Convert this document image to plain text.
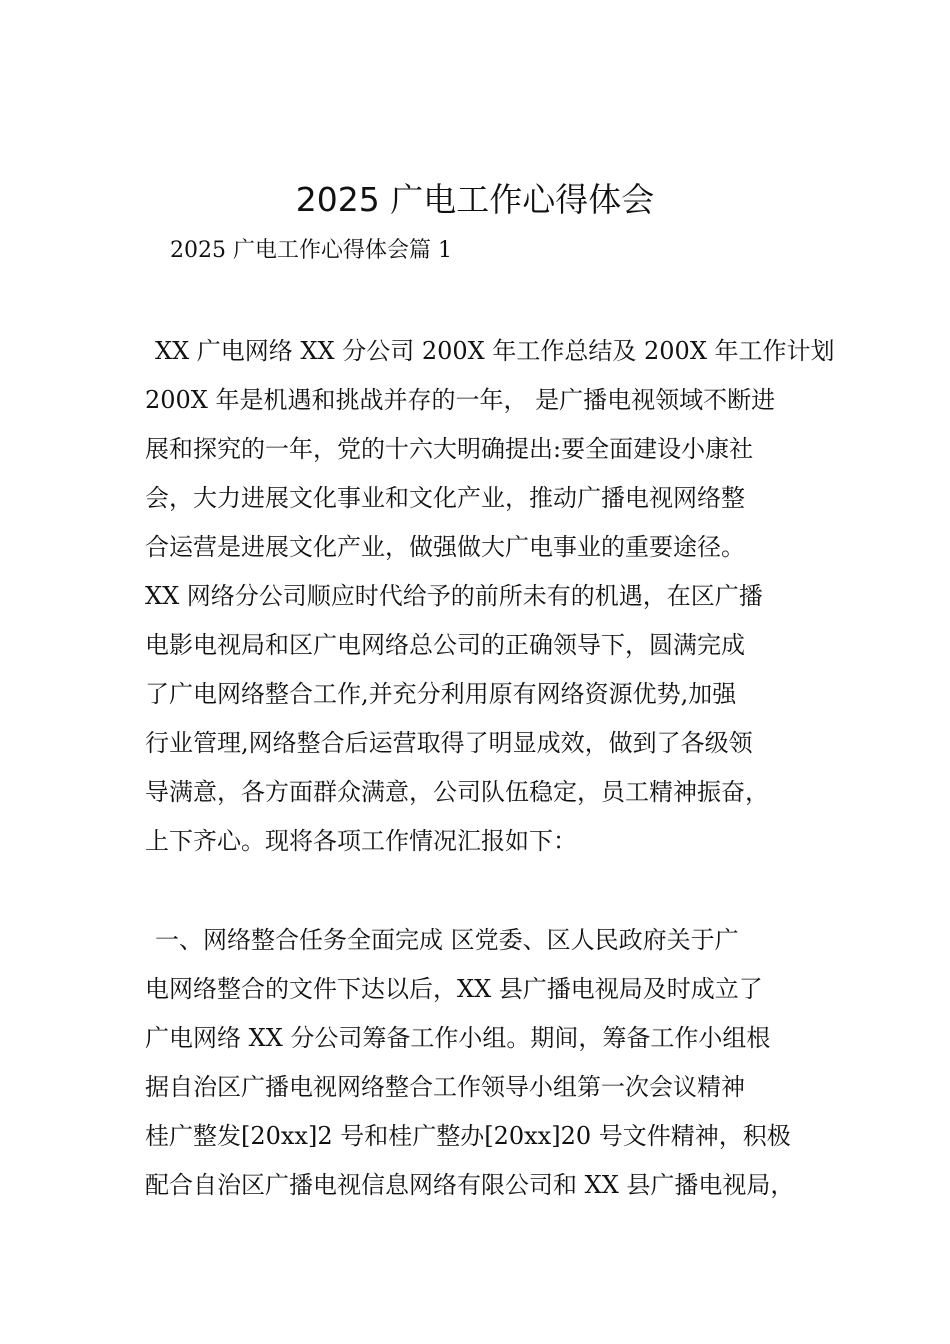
2025 广电工作心得体会
2025 广电工作心得体会篇 1
XX 广电网络 XX 分公司 200X 年工作总结及 200X 年工作计划
200X 年是机遇和挑战并存的一年， 是广播电视领域不断进
展和探究的一年，党的十六大明确提出:要全面建设小康社
会，大力进展文化事业和文化产业，推动广播电视网络整
合运营是进展文化产业，做强做大广电事业的重要途径。
XX 网络分公司顺应时代给予的前所未有的机遇，在区广播
电影电视局和区广电网络总公司的正确领导下，圆满完成
了广电网络整合工作,并充分利用原有网络资源优势,加强
行业管理,网络整合后运营取得了明显成效，做到了各级领
导满意，各方面群众满意，公司队伍稳定，员工精神振奋，
上下齐心。现将各项工作情况汇报如下：
一、网络整合任务全面完成 区党委、区人民政府关于广
电网络整合的文件下达以后，XX 县广播电视局及时成立了
广电网络 XX 分公司筹备工作小组。期间，筹备工作小组根
据自治区广播电视网络整合工作领导小组第一次会议精神
桂广整发[20xx]2 号和桂广整办[20xx]20 号文件精神，积极
配合自治区广播电视信息网络有限公司和 XX 县广播电视局，
